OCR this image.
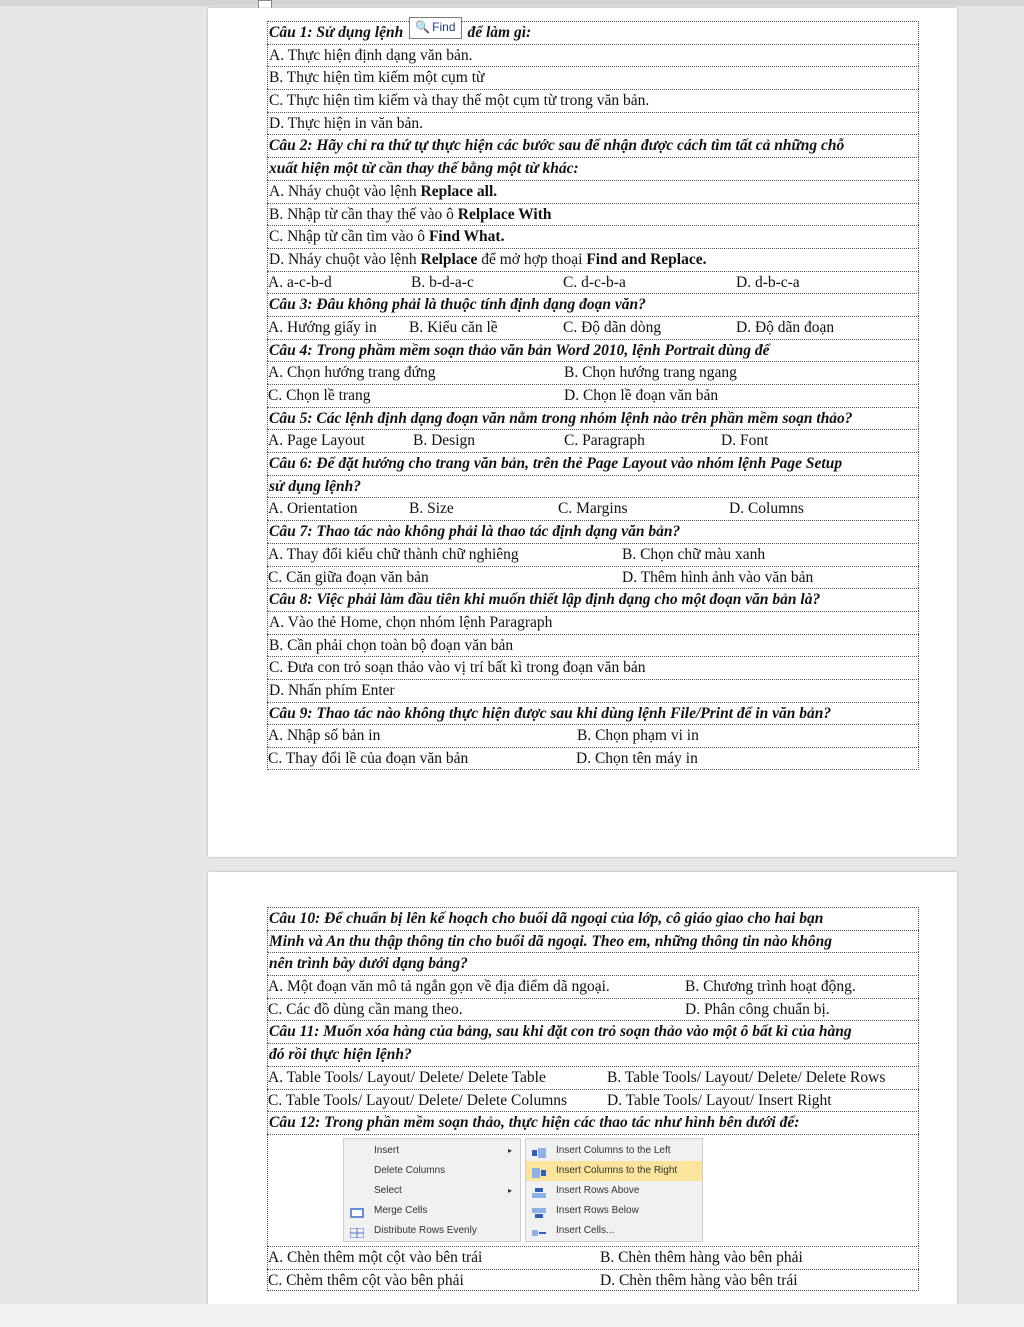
Câu 1: Sử dụng lệnh 🔍 Find để làm gì:
A. Thực hiện định dạng văn bản.
B. Thực hiện tìm kiếm một cụm từ
C. Thực hiện tìm kiếm và thay thế một cụm từ trong văn bản.
D. Thực hiện in văn bản.
Câu 2: Hãy chỉ ra thứ tự thực hiện các bước sau để nhận được cách tìm tất cả những chỗ
xuất hiện một từ cần thay thế bằng một từ khác:
A. Nháy chuột vào lệnh Replace all.
B. Nhập từ cần thay thế vào ô Relplace With
C. Nhập từ cần tìm vào ô Find What.
D. Nháy chuột vào lệnh Relplace để mở hợp thoại Find and Replace.
A. a-c-b-d	B. b-d-a-c	C. d-c-b-a	D. d-b-c-a
Câu 3: Đâu không phải là thuộc tính định dạng đoạn văn?
A. Hướng giấy in B. Kiểu căn lề	C. Độ dãn dòng	D. Độ dãn đoạn
Câu 4: Trong phầm mềm soạn thảo văn bản Word 2010, lệnh Portrait dùng để
A. Chọn hướng trang đứng	B. Chọn hướng trang ngang
C. Chọn lề trang	D. Chọn lề đoạn văn bản
Câu 5: Các lệnh định dạng đoạn văn nằm trong nhóm lệnh nào trên phần mềm soạn thảo?
A. Page Layout	B. Design	C. Paragraph	D. Font
Câu 6: Để đặt hướng cho trang văn bản, trên thẻ Page Layout vào nhóm lệnh Page Setup
sử dụng lệnh?
A. Orientation	B. Size	C. Margins	D. Columns
Câu 7: Thao tác nào không phải là thao tác định dạng văn bản?
A. Thay đổi kiểu chữ thành chữ nghiêng	B. Chọn chữ màu xanh
C. Căn giữa đoạn văn bản	D. Thêm hình ảnh vào văn bản
Câu 8: Việc phải làm đầu tiên khi muốn thiết lập định dạng cho một đoạn văn bản là?
A. Vào thẻ Home, chọn nhóm lệnh Paragraph
B. Cần phải chọn toàn bộ đoạn văn bản
C. Đưa con trỏ soạn thảo vào vị trí bất kì trong đoạn văn bản
D. Nhấn phím Enter
Câu 9: Thao tác nào không thực hiện được sau khi dùng lệnh File/Print để in văn bản?
A. Nhập số bản in	B. Chọn phạm vi in
C. Thay đổi lề của đoạn văn bản	D. Chọn tên máy in
Câu 10: Để chuẩn bị lên kế hoạch cho buổi dã ngoại của lớp, cô giáo giao cho hai bạn
Minh và An thu thập thông tin cho buổi dã ngoại. Theo em, những thông tin nào không
nên trình bày dưới dạng bảng?
A. Một đoạn văn mô tả ngắn gọn về địa điểm dã ngoại.	B. Chương trình hoạt động.
C. Các đồ dùng cần mang theo.	D. Phân công chuẩn bị.
Câu 11: Muốn xóa hàng của bảng, sau khi đặt con trỏ soạn thảo vào một ô bất kì của hàng
đó rồi thực hiện lệnh?
A. Table Tools/ Layout/ Delete/ Delete Table	B. Table Tools/ Layout/ Delete/ Delete Rows
C. Table Tools/ Layout/ Delete/ Delete Columns	D. Table Tools/ Layout/ Insert Right
Câu 12: Trong phần mềm soạn thảo, thực hiện các thao tác như hình bên dưới để:
Insert	▸
Delete Columns
Select	▸
Merge Cells
Distribute Rows Evenly
Insert Columns to the Left
Insert Columns to the Right
Insert Rows Above
Insert Rows Below
Insert Cells...
A. Chèn thêm một cột vào bên trái	B. Chèn thêm hàng vào bên phải
C. Chèm thêm cột vào bên phải	D. Chèn thêm hàng vào bên trái
